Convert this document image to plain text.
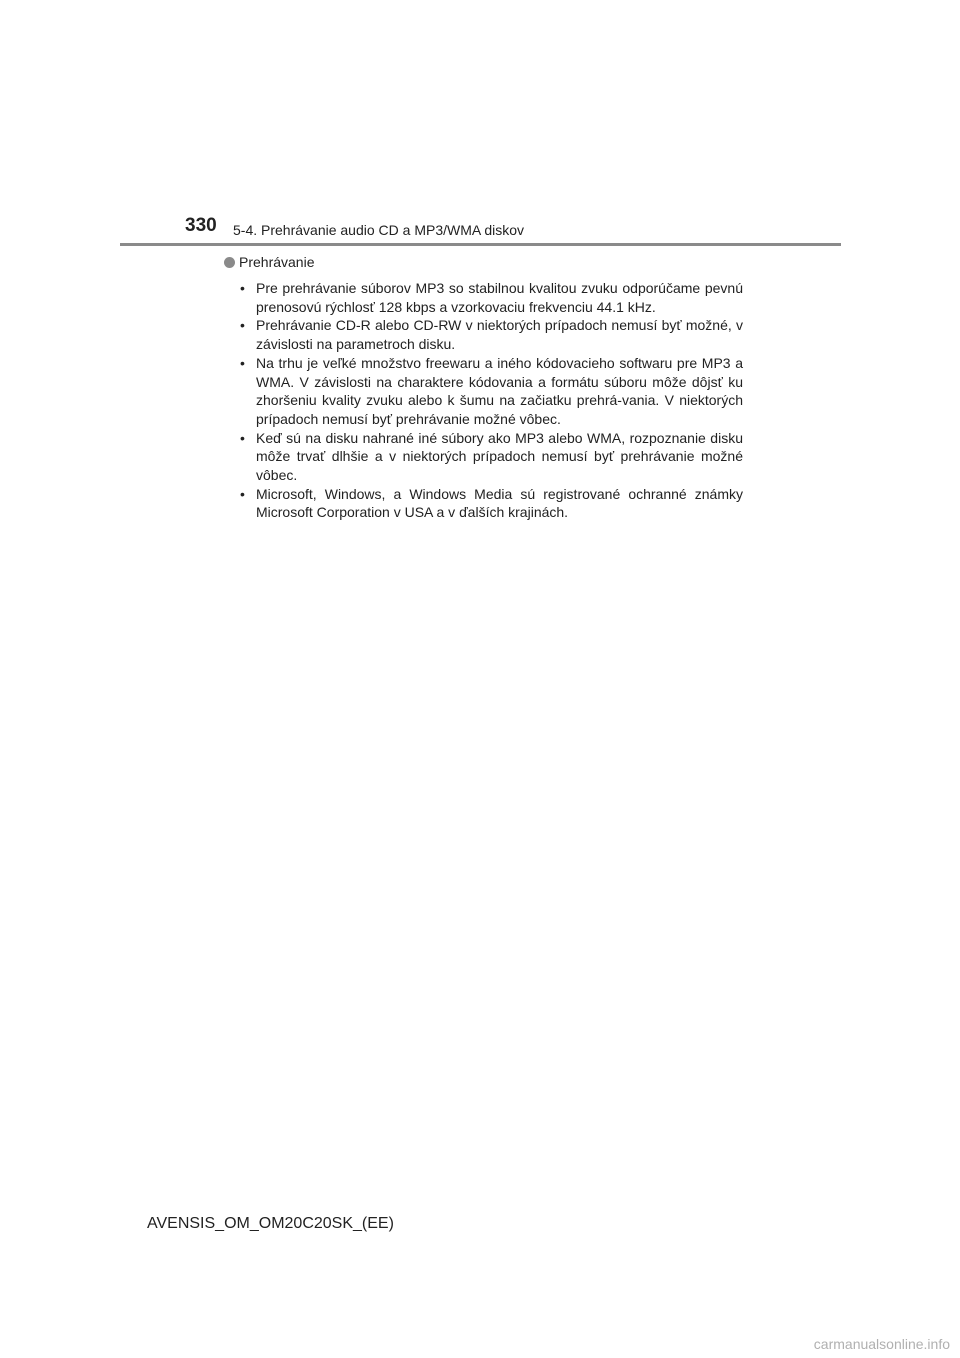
330 5-4. Prehrávanie audio CD a MP3/WMA diskov
Prehrávanie
• Pre prehrávanie súborov MP3 so stabilnou kvalitou zvuku odporúčame pevnú prenosovú rýchlosť 128 kbps a vzorkovaciu frekvenciu 44.1 kHz.
• Prehrávanie CD-R alebo CD-RW v niektorých prípadoch nemusí byť možné, v závislosti na parametroch disku.
• Na trhu je veľké množstvo freewaru a iného kódovacieho softwaru pre MP3 a WMA. V závislosti na charaktere kódovania a formátu súboru môže dôjsť ku zhoršeniu kvality zvuku alebo k šumu na začiatku prehrá-vania. V niektorých prípadoch nemusí byť prehrávanie možné vôbec.
• Keď sú na disku nahrané iné súbory ako MP3 alebo WMA, rozpoznanie disku môže trvať dlhšie a v niektorých prípadoch nemusí byť prehrávanie možné vôbec.
• Microsoft, Windows, a Windows Media sú registrované ochranné známky Microsoft Corporation v USA a v ďalších krajinách.
AVENSIS_OM_OM20C20SK_(EE)
carmanualsonline.info
